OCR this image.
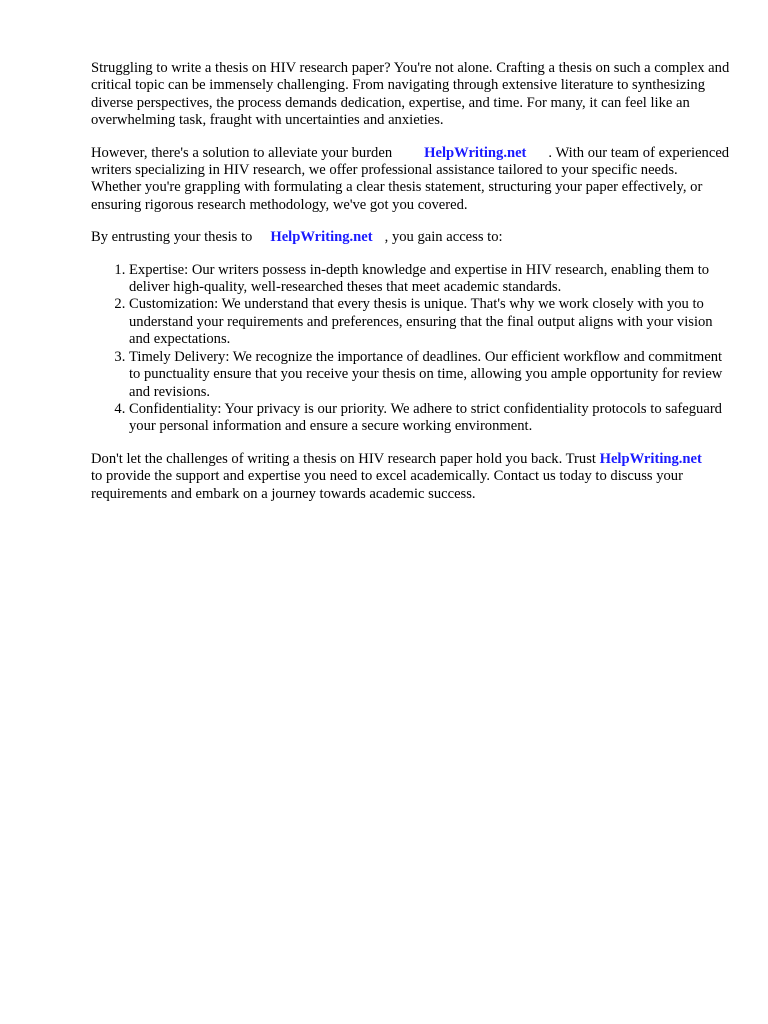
Struggling to write a thesis on HIV research paper? You're not alone. Crafting a thesis on such a complex and critical topic can be immensely challenging. From navigating through extensive literature to synthesizing diverse perspectives, the process demands dedication, expertise, and time. For many, it can feel like an overwhelming task, fraught with uncertainties and anxieties.

However, there's a solution to alleviate your burden HelpWriting.net . With our team of experienced writers specializing in HIV research, we offer professional assistance tailored to your specific needs. Whether you're grappling with formulating a clear thesis statement, structuring your paper effectively, or ensuring rigorous research methodology, we've got you covered.

By entrusting your thesis to HelpWriting.net , you gain access to:

1. Expertise: Our writers possess in-depth knowledge and expertise in HIV research, enabling them to deliver high-quality, well-researched theses that meet academic standards.
2. Customization: We understand that every thesis is unique. That's why we work closely with you to understand your requirements and preferences, ensuring that the final output aligns with your vision and expectations.
3. Timely Delivery: We recognize the importance of deadlines. Our efficient workflow and commitment to punctuality ensure that you receive your thesis on time, allowing you ample opportunity for review and revisions.
4. Confidentiality: Your privacy is our priority. We adhere to strict confidentiality protocols to safeguard your personal information and ensure a secure working environment.

Don't let the challenges of writing a thesis on HIV research paper hold you back. Trust HelpWriting.netto provide the support and expertise you need to excel academically. Contact us today to discuss your requirements and embark on a journey towards academic success.
